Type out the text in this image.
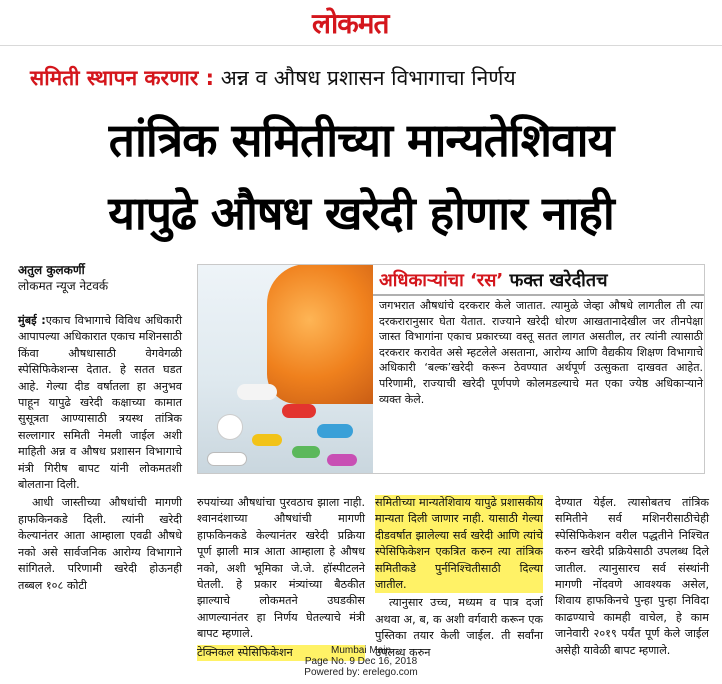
लोकमत
समिती स्थापन करणार : अन्न व औषध प्रशासन विभागाचा निर्णय
तांत्रिक समितीच्या मान्यतेशिवाय
यापुढे औषध खरेदी होणार नाही
अतुल कुलकर्णी
लोकमत न्यूज नेटवर्क

मुंबई :एकाच विभागाचे विविध अधिकारी आपापल्या अधिकारात एकाच मशिनसाठी किंवा औषधासाठी वेगवेगळी स्पेसिफिकेशन्स देतात. हे सतत घडत आहे. गेल्या दीड वर्षातला हा अनुभव पाहून यापुढे खरेदी कक्षाच्या कामात सुसूत्रता आण्यासाठी त्रयस्थ तांत्रिक सल्लागार समिती नेमली जाईल अशी माहिती अन्न व औषध प्रशासन विभागाचे मंत्री गिरीष बापट यांनी लोकमतशी बोलताना दिली.

आधी जास्तीच्या औषधांची मागणी हाफकिनकडे दिली. त्यांनी खरेदी केल्यानंतर आता आम्हाला एवढी औषधे नको असे सार्वजनिक आरोग्य विभागाने सांगितले. परिणामी खरेदी होऊनही तब्बल १०८ कोटी

अधिकाऱ्यांचा ‘रस’ फक्त खरेदीतच
जगभरात औषधांचे दरकरार केले जातात. त्यामुळे जेव्हा औषधे लागतील ती त्या दरकरारानुसार घेता येतात. राज्याने खरेदी धोरण आखतानादेखील जर तीनपेक्षा जास्त विभागांना एकाच प्रकारच्या वस्तू सतत लागत असतील, तर त्यांनी त्यासाठी दरकरार करावेत असे म्हटलेले असताना, आरोग्य आणि वैद्यकीय शिक्षण विभागाचे अधिकारी ‘बल्क’खरेदी करून ठेवण्यात अर्थपूर्ण उत्सुकता दाखवत आहेत. परिणामी, राज्याची खरेदी पूर्णपणे कोलमडल्याचे मत एका ज्येष्ठ अधिकाऱ्याने व्यक्त केले.

रुपयांच्या औषधांचा पुरवठाच झाला नाही. श्वानदंशाच्या औषधांची मागणी हाफकिनकडे केल्यानंतर खरेदी प्रक्रिया पूर्ण झाली मात्र आता आम्हाला हे औषध नको, अशी भूमिका जे.जे. हॉस्पीटलने घेतली. हे प्रकार मंत्र्यांच्या बैठकीत झाल्याचे लोकमतने उघडकीस आणल्यानंतर हा निर्णय घेतल्याचे मंत्री बापट म्हणाले.

टेक्निकल स्पेसिफिकेशन

समितीच्या मान्यतेशिवाय यापुढे प्रशासकीय मान्यता दिली जाणार नाही. यासाठी गेल्या दीडवर्षात झालेल्या सर्व खरेदी आणि त्यांचे स्पेसिफिकेशन एकत्रित करुन त्या तांत्रिक समितीकडे पुर्ननिश्चितीसाठी दिल्या जातील.

त्यानुसार उच्च, मध्यम व पात्र दर्जा अथवा अ, ब, क अशी वर्गवारी करून एक पुस्तिका तयार केली जाईल. ती सर्वांना उपलब्ध करुन

देण्यात येईल. त्यासोबतच तांत्रिक समितीने सर्व मशिनरीसाठीचेही स्पेसिफिकेशन वरील पद्धतीने निश्चित करुन खरेदी प्रक्रियेसाठी उपलब्ध दिले जातील. त्यानुसारच सर्व संस्थांनी मागणी नोंदवणे आवश्यक असेल, शिवाय हाफकिनचे पुन्हा पुन्हा निविदा काढण्याचे कामही वाचेल, हे काम जानेवारी २०१९ पर्यंत पूर्ण केले जाईल असेही यावेळी बापट म्हणाले.

Mumbai Main
Page No. 9 Dec 16, 2018
Powered by: erelego.com
